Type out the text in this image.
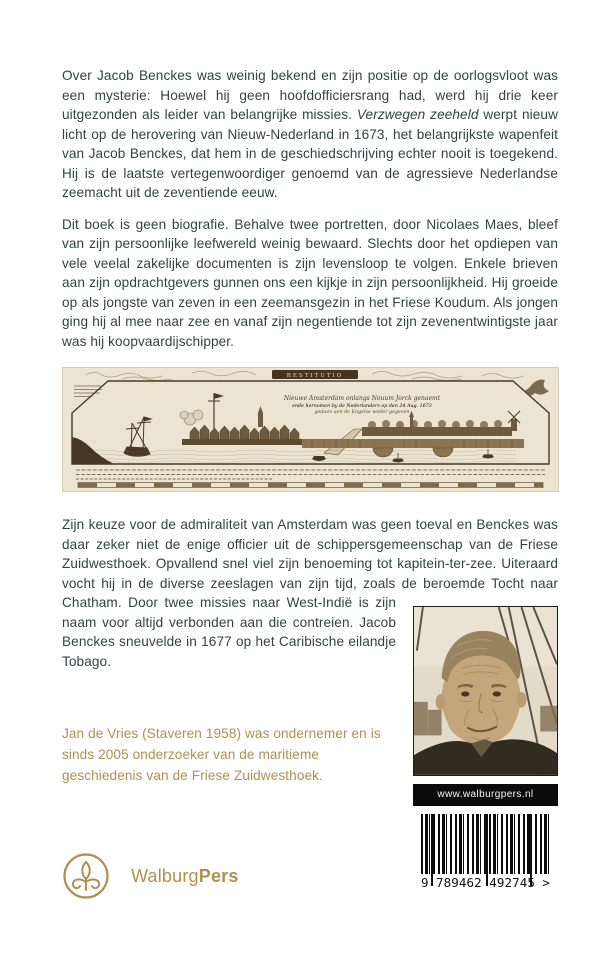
Over Jacob Benckes was weinig bekend en zijn positie op de oorlogsvloot was een mysterie: Hoewel hij geen hoofdofficiersrang had, werd hij drie keer uitgezonden als leider van belangrijke missies. Verzwegen zeeheld werpt nieuw licht op de herovering van Nieuw-Nederland in 1673, het belangrijkste wapenfeit van Jacob Benckes, dat hem in de geschiedschrijving echter nooit is toegekend. Hij is de laatste vertegenwoordiger genoemd van de agressieve Nederlandse zeemacht uit de zeventiende eeuw.
Dit boek is geen biografie. Behalve twee portretten, door Nicolaes Maes, bleef van zijn persoonlijke leefwereld weinig bewaard. Slechts door het opdiepen van vele veelal zakelijke documenten is zijn levensloop te volgen. Enkele brieven aan zijn opdrachtgevers gunnen ons een kijkje in zijn persoonlijkheid. Hij groeide op als jongste van zeven in een zeemansgezin in het Friese Koudum. Als jongen ging hij al mee naar zee en vanaf zijn negentiende tot zijn zevenentwintigste jaar was hij koopvaardijschipper.
RESTITUTIO
Nieuwe Amsterdam onlangs Nouum Jorck genaemt
ende hernomen by de Nederlanders op den 24 Aug. 1673
gedaen aen de Engelse weder gegeven
www.walburgpers.nl
9 789462 492745 >
Zijn keuze voor de admiraliteit van Amsterdam was geen toeval en Benckes was daar zeker niet de enige officier uit de schippersgemeenschap van de Friese Zuidwesthoek. Opvallend snel viel zijn benoeming tot kapitein-ter-zee. Uiteraard vocht hij in de diverse zeeslagen van zijn tijd, zoals de beroemde Tocht naar Chatham. Door twee missies naar West-Indië is zijn naam voor altijd verbonden aan die contreien. Jacob Benckes sneuvelde in 1677 op het Caribische eilandje Tobago.
Jan de Vries (Staveren 1958) was ondernemer en is sinds 2005 onderzoeker van de maritieme geschiedenis van de Friese Zuidwesthoek.
WalburgPers
